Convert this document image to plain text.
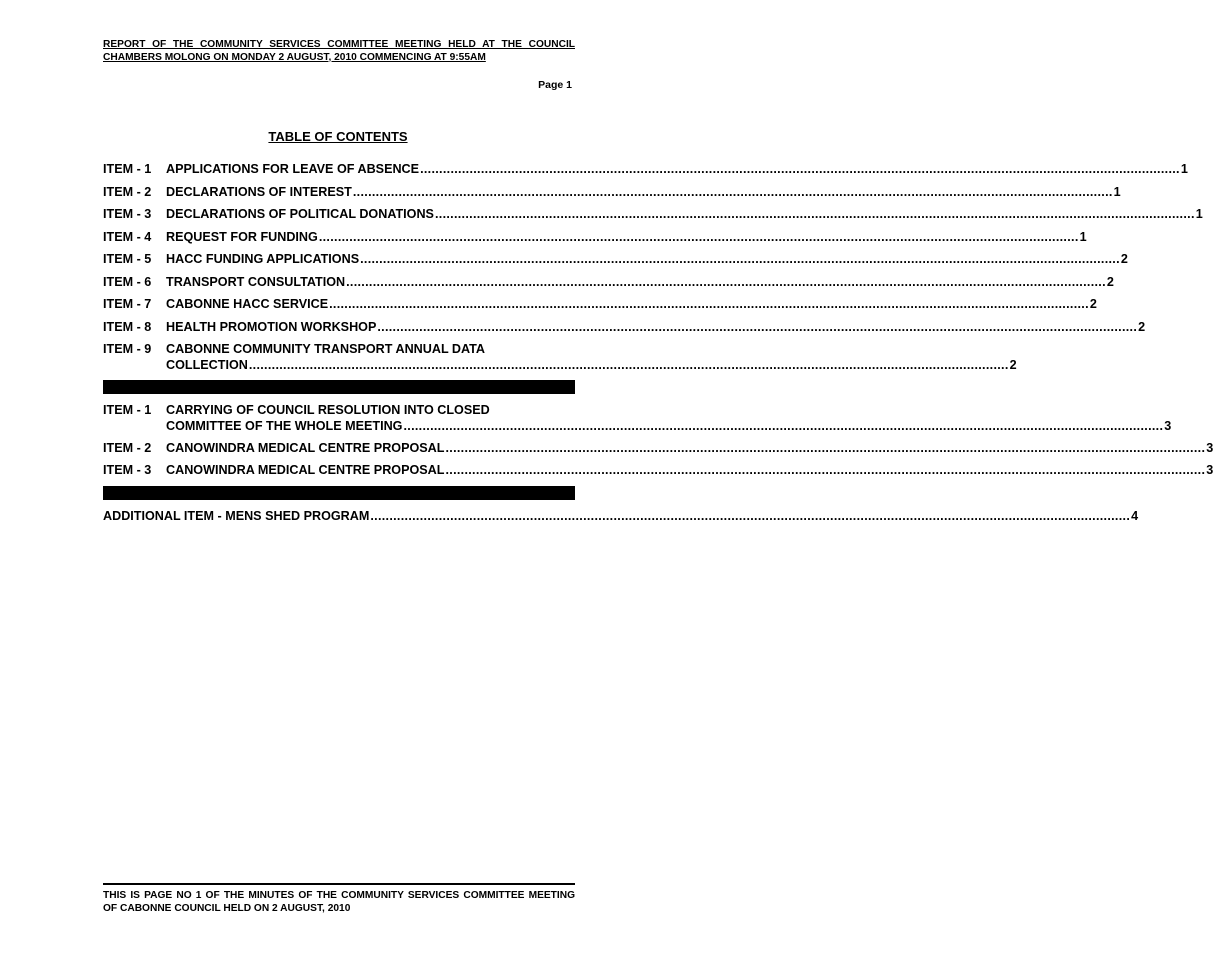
REPORT OF THE COMMUNITY SERVICES COMMITTEE MEETING HELD AT THE COUNCIL CHAMBERS MOLONG ON MONDAY 2 AUGUST, 2010 COMMENCING AT 9:55AM
Page 1
TABLE OF CONTENTS
ITEM - 1	APPLICATIONS FOR LEAVE OF ABSENCE ........................................................................................................................................................................................................ 1
ITEM - 2	DECLARATIONS OF INTEREST ........................................................................................................................................................................................................ 1
ITEM - 3	DECLARATIONS OF POLITICAL DONATIONS ........................................................................................................................................................................................................ 1
ITEM - 4	REQUEST FOR FUNDING ........................................................................................................................................................................................................ 1
ITEM - 5	HACC FUNDING APPLICATIONS ........................................................................................................................................................................................................ 2
ITEM - 6	TRANSPORT CONSULTATION ........................................................................................................................................................................................................ 2
ITEM - 7	CABONNE HACC SERVICE ........................................................................................................................................................................................................ 2
ITEM - 8	HEALTH PROMOTION WORKSHOP ........................................................................................................................................................................................................ 2
ITEM - 9	CABONNE COMMUNITY TRANSPORT ANNUAL DATA
COLLECTION ........................................................................................................................................................................................................ 2
ITEM - 1	CARRYING OF COUNCIL RESOLUTION INTO CLOSED
COMMITTEE OF THE WHOLE MEETING ........................................................................................................................................................................................................ 3
ITEM - 2	CANOWINDRA MEDICAL CENTRE PROPOSAL ........................................................................................................................................................................................................ 3
ITEM - 3	CANOWINDRA MEDICAL CENTRE PROPOSAL ........................................................................................................................................................................................................ 3
ADDITIONAL ITEM - MENS SHED PROGRAM ........................................................................................................................................................................................................ 4
THIS IS PAGE NO 1 OF THE MINUTES OF THE COMMUNITY SERVICES COMMITTEE MEETING OF CABONNE COUNCIL HELD ON 2 AUGUST, 2010
